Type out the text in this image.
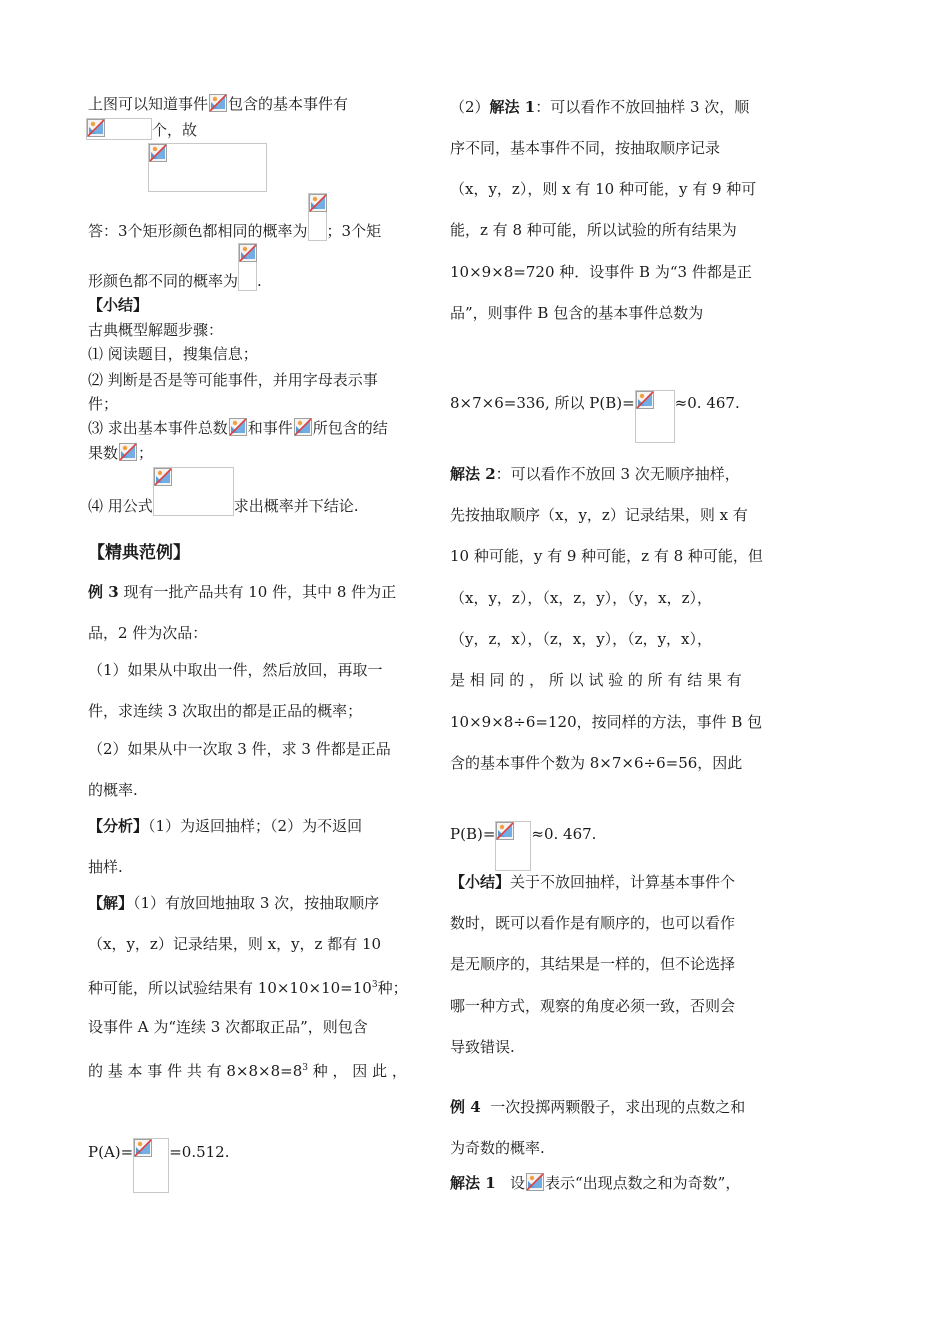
上图可以知道事件 包含的基本事件有
个，故
答：3个矩形颜色都相同的概率为 ；3个矩
形颜色都不同的概率为 .
【小结】
古典概型解题步骤：
⑴ 阅读题目，搜集信息；
⑵ 判断是否是等可能事件，并用字母表示事
件；
⑶ 求出基本事件总数 和事件 所包含的结
果数 ；
⑷ 用公式	求出概率并下结论.
【精典范例】
例 3 现有一批产品共有 10 件，其中 8 件为正
品，2 件为次品：
（1）如果从中取出一件，然后放回，再取一
件，求连续 3 次取出的都是正品的概率；
（2）如果从中一次取 3 件，求 3 件都是正品
的概率.
【分析】（1）为返回抽样；（2）为不返回
抽样.
【解】（1）有放回地抽取 3 次，按抽取顺序
（x，y，z）记录结果，则 x，y，z 都有 10
种可能，所以试验结果有 $10\times 10\times 10=10^3$种；
设事件 A 为“连续 3 次都取正品”，则包含
的 基 本 事 件 共 有 $8\times 8\times 8=8^3$ 种 ， 因 此 ，
P(A)= =0.512.
（2）解法 1：可以看作不放回抽样 3 次，顺
序不同，基本事件不同，按抽取顺序记录
（x，y，z），则 x 有 10 种可能，y 有 9 种可
能，z 有 8 种可能，所以试验的所有结果为
10×9×8=720 种．设事件 B 为“3 件都是正
品”，则事件 B 包含的基本事件总数为
8×7×6=336, 所以 P(B)=	≈0. 467.
解法 2：可以看作不放回 3 次无顺序抽样，
先按抽取顺序（x，y，z）记录结果，则 x 有
10 种可能，y 有 9 种可能，z 有 8 种可能，但
（x，y，z），（x，z，y），（y，x，z），
（y，z，x），（z，x，y），（z，y，x），
是 相 同 的 ， 所 以 试 验 的 所 有 结 果 有
10×9×8÷6=120，按同样的方法，事件 B 包
含的基本事件个数为 8×7×6÷6=56，因此
P(B)= ≈0. 467.
【小结】关于不放回抽样，计算基本事件个
数时，既可以看作是有顺序的，也可以看作
是无顺序的，其结果是一样的，但不论选择
哪一种方式，观察的角度必须一致，否则会
导致错误.
例 4 一次投掷两颗骰子，求出现的点数之和
为奇数的概率.
解法 1 设 表示“出现点数之和为奇数”，
